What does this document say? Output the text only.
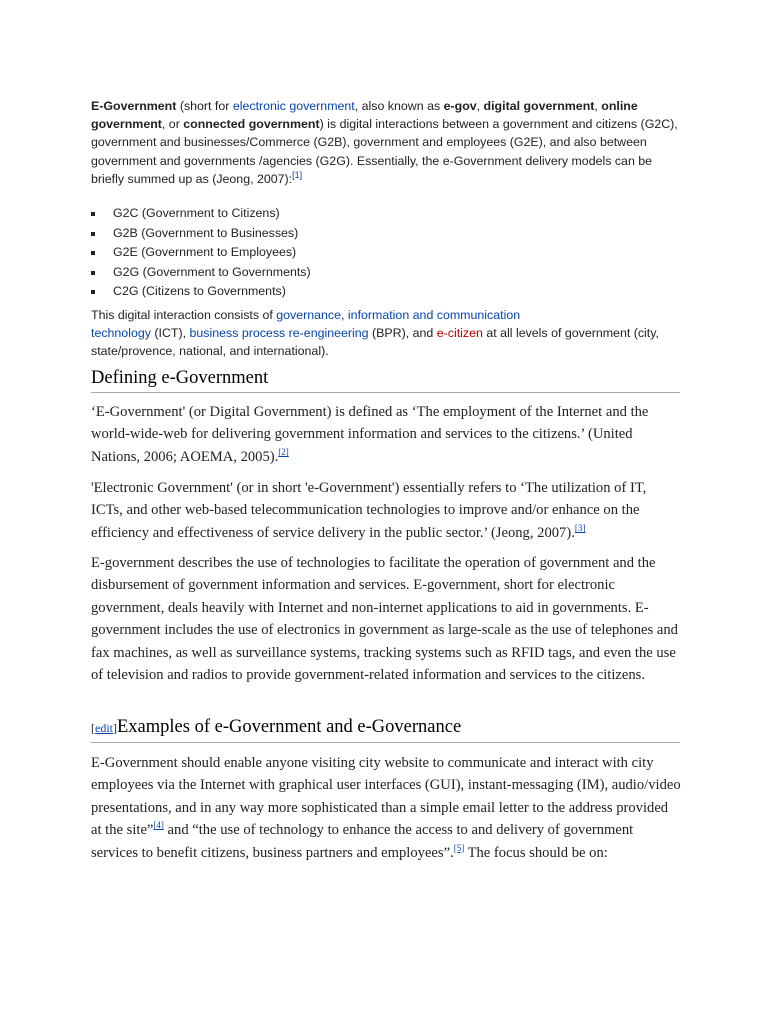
E-Government (short for electronic government, also known as e-gov, digital government, online government, or connected government) is digital interactions between a government and citizens (G2C), government and businesses/Commerce (G2B), government and employees (G2E), and also between government and governments /agencies (G2G). Essentially, the e-Government delivery models can be briefly summed up as (Jeong, 2007):[1]

G2C (Government to Citizens)
G2B (Government to Businesses)
G2E (Government to Employees)
G2G (Government to Governments)
C2G (Citizens to Governments)

This digital interaction consists of governance, information and communication
technology (ICT), business process re-engineering (BPR), and e-citizen at all levels of government (city, state/provence, national, and international).

Defining e-Government

‘E-Government' (or Digital Government) is defined as ‘The employment of the Internet and the world-wide-web for delivering government information and services to the citizens.’ (United Nations, 2006; AOEMA, 2005).[2]

'Electronic Government' (or in short 'e-Government') essentially refers to ‘The utilization of IT, ICTs, and other web-based telecommunication technologies to improve and/or enhance on the efficiency and effectiveness of service delivery in the public sector.’ (Jeong, 2007).[3]

E-government describes the use of technologies to facilitate the operation of government and the disbursement of government information and services. E-government, short for electronic government, deals heavily with Internet and non-internet applications to aid in governments. E-government includes the use of electronics in government as large-scale as the use of telephones and fax machines, as well as surveillance systems, tracking systems such as RFID tags, and even the use of television and radios to provide government-related information and services to the citizens.

[edit]Examples of e-Government and e-Governance

E-Government should enable anyone visiting city website to communicate and interact with city employees via the Internet with graphical user interfaces (GUI), instant-messaging (IM), audio/video presentations, and in any way more sophisticated than a simple email letter to the address provided at the site”[4] and “the use of technology to enhance the access to and delivery of government services to benefit citizens, business partners and employees”.[5] The focus should be on:
